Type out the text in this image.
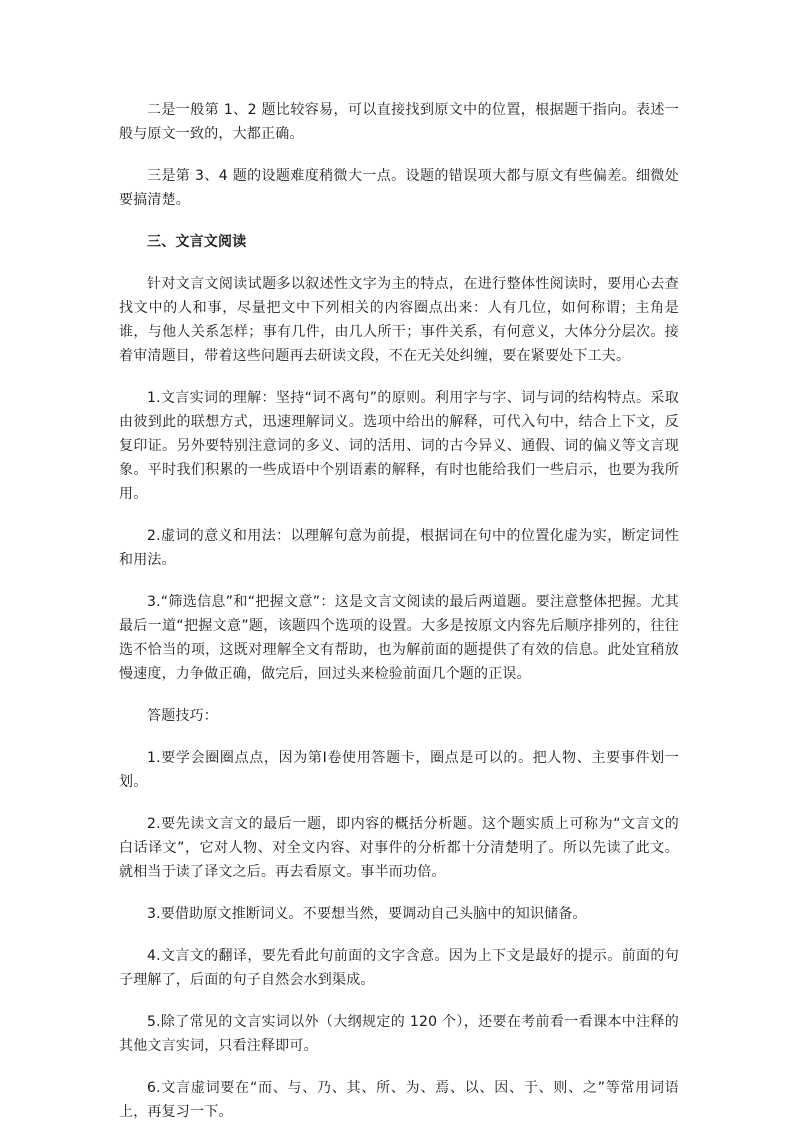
二是一般第 1、2 题比较容易，可以直接找到原文中的位置，根据题干指向。表述一般与原文一致的，大都正确。

三是第 3、4 题的设题难度稍微大一点。设题的错误项大都与原文有些偏差。细微处要搞清楚。

三、文言文阅读

针对文言文阅读试题多以叙述性文字为主的特点，在进行整体性阅读时，要用心去查找文中的人和事，尽量把文中下列相关的内容圈点出来：人有几位，如何称谓；主角是谁，与他人关系怎样；事有几件，由几人所干；事件关系，有何意义，大体分分层次。接着审清题目，带着这些问题再去研读文段，不在无关处纠缠，要在紧要处下工夫。

1.文言实词的理解：坚持“词不离句”的原则。利用字与字、词与词的结构特点。采取由彼到此的联想方式，迅速理解词义。选项中给出的解释，可代入句中，结合上下文，反复印证。另外要特别注意词的多义、词的活用、词的古今异义、通假、词的偏义等文言现象。平时我们积累的一些成语中个别语素的解释，有时也能给我们一些启示，也要为我所用。

2.虚词的意义和用法：以理解句意为前提，根据词在句中的位置化虚为实，断定词性和用法。

3.“筛选信息”和“把握文意”：这是文言文阅读的最后两道题。要注意整体把握。尤其最后一道“把握文意”题，该题四个选项的设置。大多是按原文内容先后顺序排列的，往往选不恰当的项，这既对理解全文有帮助，也为解前面的题提供了有效的信息。此处宜稍放慢速度，力争做正确，做完后，回过头来检验前面几个题的正误。

答题技巧：

1.要学会圈圈点点，因为第Ⅰ卷使用答题卡，圈点是可以的。把人物、主要事件划一划。

2.要先读文言文的最后一题，即内容的概括分析题。这个题实质上可称为“文言文的白话译文”，它对人物、对全文内容、对事件的分析都十分清楚明了。所以先读了此文。就相当于读了译文之后。再去看原文。事半而功倍。

3.要借助原文推断词义。不要想当然，要调动自己头脑中的知识储备。

4.文言文的翻译，要先看此句前面的文字含意。因为上下文是最好的提示。前面的句子理解了，后面的句子自然会水到渠成。

5.除了常见的文言实词以外（大纲规定的 120 个），还要在考前看一看课本中注释的其他文言实词，只看注释即可。

6.文言虚词要在“而、与、乃、其、所、为、焉、以、因、于、则、之”等常用词语上，再复习一下。
